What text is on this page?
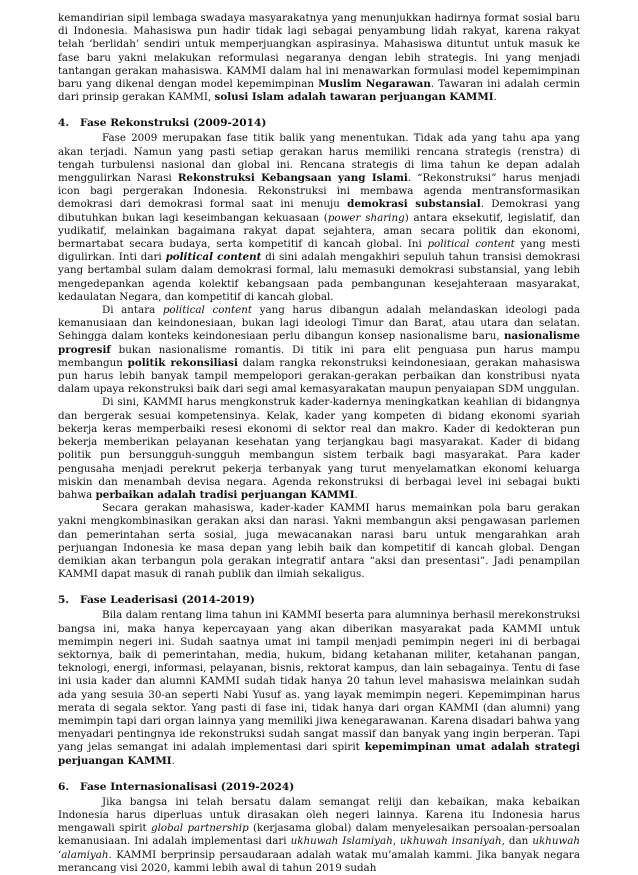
kemandirian sipil lembaga swadaya masyarakatnya yang menunjukkan hadirnya format sosial baru di Indonesia. Mahasiswa pun hadir tidak lagi sebagai penyambung lidah rakyat, karena rakyat telah ‘berlidah’ sendiri untuk memperjuangkan aspirasinya. Mahasiswa dituntut untuk masuk ke fase baru yakni melakukan reformulasi negaranya dengan lebih strategis. Ini yang menjadi tantangan gerakan mahasiswa. KAMMI dalam hal ini menawarkan formulasi model kepemimpinan baru yang dikenal dengan model kepemimpinan Muslim Negarawan. Tawaran ini adalah cermin dari prinsip gerakan KAMMI, solusi Islam adalah tawaran perjuangan KAMMI.

4. Fase Rekonstruksi (2009-2014)

Fase 2009 merupakan fase titik balik yang menentukan. Tidak ada yang tahu apa yang akan terjadi. Namun yang pasti setiap gerakan harus memiliki rencana strategis (renstra) di tengah turbulensi nasional dan global ini. Rencana strategis di lima tahun ke depan adalah menggulirkan Narasi Rekonstruksi Kebangsaan yang Islami. “Rekonstruksi” harus menjadi icon bagi pergerakan Indonesia. Rekonstruksi ini membawa agenda mentransformasikan demokrasi dari demokrasi formal saat ini menuju demokrasi substansial. Demokrasi yang dibutuhkan bukan lagi keseimbangan kekuasaan (power sharing) antara eksekutif, legislatif, dan yudikatif, melainkan bagaimana rakyat dapat sejahtera, aman secara politik dan ekonomi, bermartabat secara budaya, serta kompetitif di kancah global. Ini political content yang mesti digulirkan. Inti dari political content di sini adalah mengakhiri sepuluh tahun transisi demokrasi yang bertambal sulam dalam demokrasi formal, lalu memasuki demokrasi substansial, yang lebih mengedepankan agenda kolektif kebangsaan pada pembangunan kesejahteraan masyarakat, kedaulatan Negara, dan kompetitif di kancah global.

Di antara political content yang harus dibangun adalah melandaskan ideologi pada kemanusiaan dan keindonesiaan, bukan lagi ideologi Timur dan Barat, atau utara dan selatan. Sehingga dalam konteks keindonesiaan perlu dibangun konsep nasionalisme baru, nasionalisme progresif bukan nasionalisme romantis. Di titik ini para elit penguasa pun harus mampu membangun politik rekonsiliasi dalam rangka rekonstruksi keindonesiaan, gerakan mahasiswa pun harus lebih banyak tampil mempelopori gerakan-gerakan perbaikan dan konstribusi nyata dalam upaya rekonstruksi baik dari segi amal kemasyarakatan maupun penyaiapan SDM unggulan.

Di sini, KAMMI harus mengkonstruk kader-kadernya meningkatkan keahlian di bidangnya dan bergerak sesuai kompetensinya. Kelak, kader yang kompeten di bidang ekonomi syariah bekerja keras memperbaiki resesi ekonomi di sektor real dan makro. Kader di kedokteran pun bekerja memberikan pelayanan kesehatan yang terjangkau bagi masyarakat. Kader di bidang politik pun bersungguh-sungguh membangun sistem terbaik bagi masyarakat. Para kader pengusaha menjadi perekrut pekerja terbanyak yang turut menyelamatkan ekonomi keluarga miskin dan menambah devisa negara. Agenda rekonstruksi di berbagai level ini sebagai bukti bahwa perbaikan adalah tradisi perjuangan KAMMI.

Secara gerakan mahasiswa, kader-kader KAMMI harus memainkan pola baru gerakan yakni mengkombinasikan gerakan aksi dan narasi. Yakni membangun aksi pengawasan parlemen dan pemerintahan serta sosial, juga mewacanakan narasi baru untuk mengarahkan arah perjuangan Indonesia ke masa depan yang lebih baik dan kompetitif di kancah global. Dengan demikian akan terbangun pola gerakan integratif antara “aksi dan presentasi”. Jadi penampilan KAMMI dapat masuk di ranah publik dan ilmiah sekaligus.

5. Fase Leaderisasi (2014-2019)

Bila dalam rentang lima tahun ini KAMMI beserta para alumninya berhasil merekonstruksi bangsa ini, maka hanya kepercayaan yang akan diberikan masyarakat pada KAMMI untuk memimpin negeri ini. Sudah saatnya umat ini tampil menjadi pemimpin negeri ini di berbagai sektornya, baik di pemerintahan, media, hukum, bidang ketahanan militer, ketahanan pangan, teknologi, energi, informasi, pelayanan, bisnis, rektorat kampus, dan lain sebagainya. Tentu di fase ini usia kader dan alumni KAMMI sudah tidak hanya 20 tahun level mahasiswa melainkan sudah ada yang sesuia 30-an seperti Nabi Yusuf as. yang layak memimpin negeri. Kepemimpinan harus merata di segala sektor. Yang pasti di fase ini, tidak hanya dari organ KAMMI (dan alumni) yang memimpin tapi dari organ lainnya yang memiliki jiwa kenegarawanan. Karena disadari bahwa yang menyadari pentingnya ide rekonstruksi sudah sangat massif dan banyak yang ingin berperan. Tapi yang jelas semangat ini adalah implementasi dari spirit kepemimpinan umat adalah strategi perjuangan KAMMI.

6. Fase Internasionalisasi (2019-2024)

Jika bangsa ini telah bersatu dalam semangat reliji dan kebaikan, maka kebaikan Indonesia harus diperluas untuk dirasakan oleh negeri lainnya. Karena itu Indonesia harus mengawali spirit global partnership (kerjasama global) dalam menyelesaikan persoalan-persoalan kemanusiaan. Ini adalah implementasi dari ukhuwah Islamiyah, ukhuwah insaniyah, dan ukhuwah ‘alamiyah. KAMMI berprinsip persaudaraan adalah watak mu’amalah kammi. Jika banyak negara merancang visi 2020, kammi lebih awal di tahun 2019 sudah
